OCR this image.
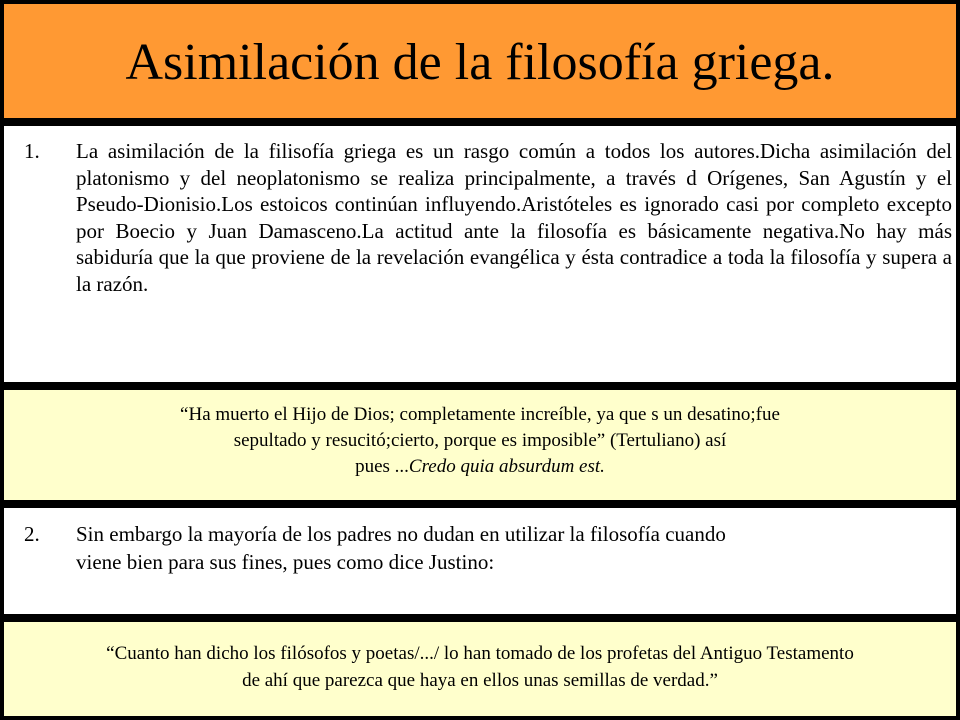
Asimilación de la filosofía griega.
1. La asimilación de la filisofía griega es un rasgo común a todos los autores.Dicha asimilación del platonismo y del neoplatonismo se realiza principalmente, a través d Orígenes, San Agustín y el Pseudo-Dionisio.Los estoicos continúan influyendo.Aristóteles es ignorado casi por completo excepto por Boecio y Juan Damasceno.La actitud ante la filosofía es básicamente negativa.No hay más sabiduría que la que proviene de la revelación evangélica y ésta contradice a toda la filosofía y supera a la razón.
“Ha muerto el Hijo de Dios; completamente increíble, ya que s un desatino;fue
sepultado y resucitó;cierto, porque es imposible” (Tertuliano) así
pues ...Credo quia absurdum est.
2. Sin embargo la mayoría de los padres no dudan en utilizar la filosofía cuando
viene bien para sus fines, pues como dice Justino:
“Cuanto han dicho los filósofos y poetas/.../ lo han tomado de los profetas del Antiguo Testamento
de ahí que parezca que haya en ellos unas semillas de verdad.”
